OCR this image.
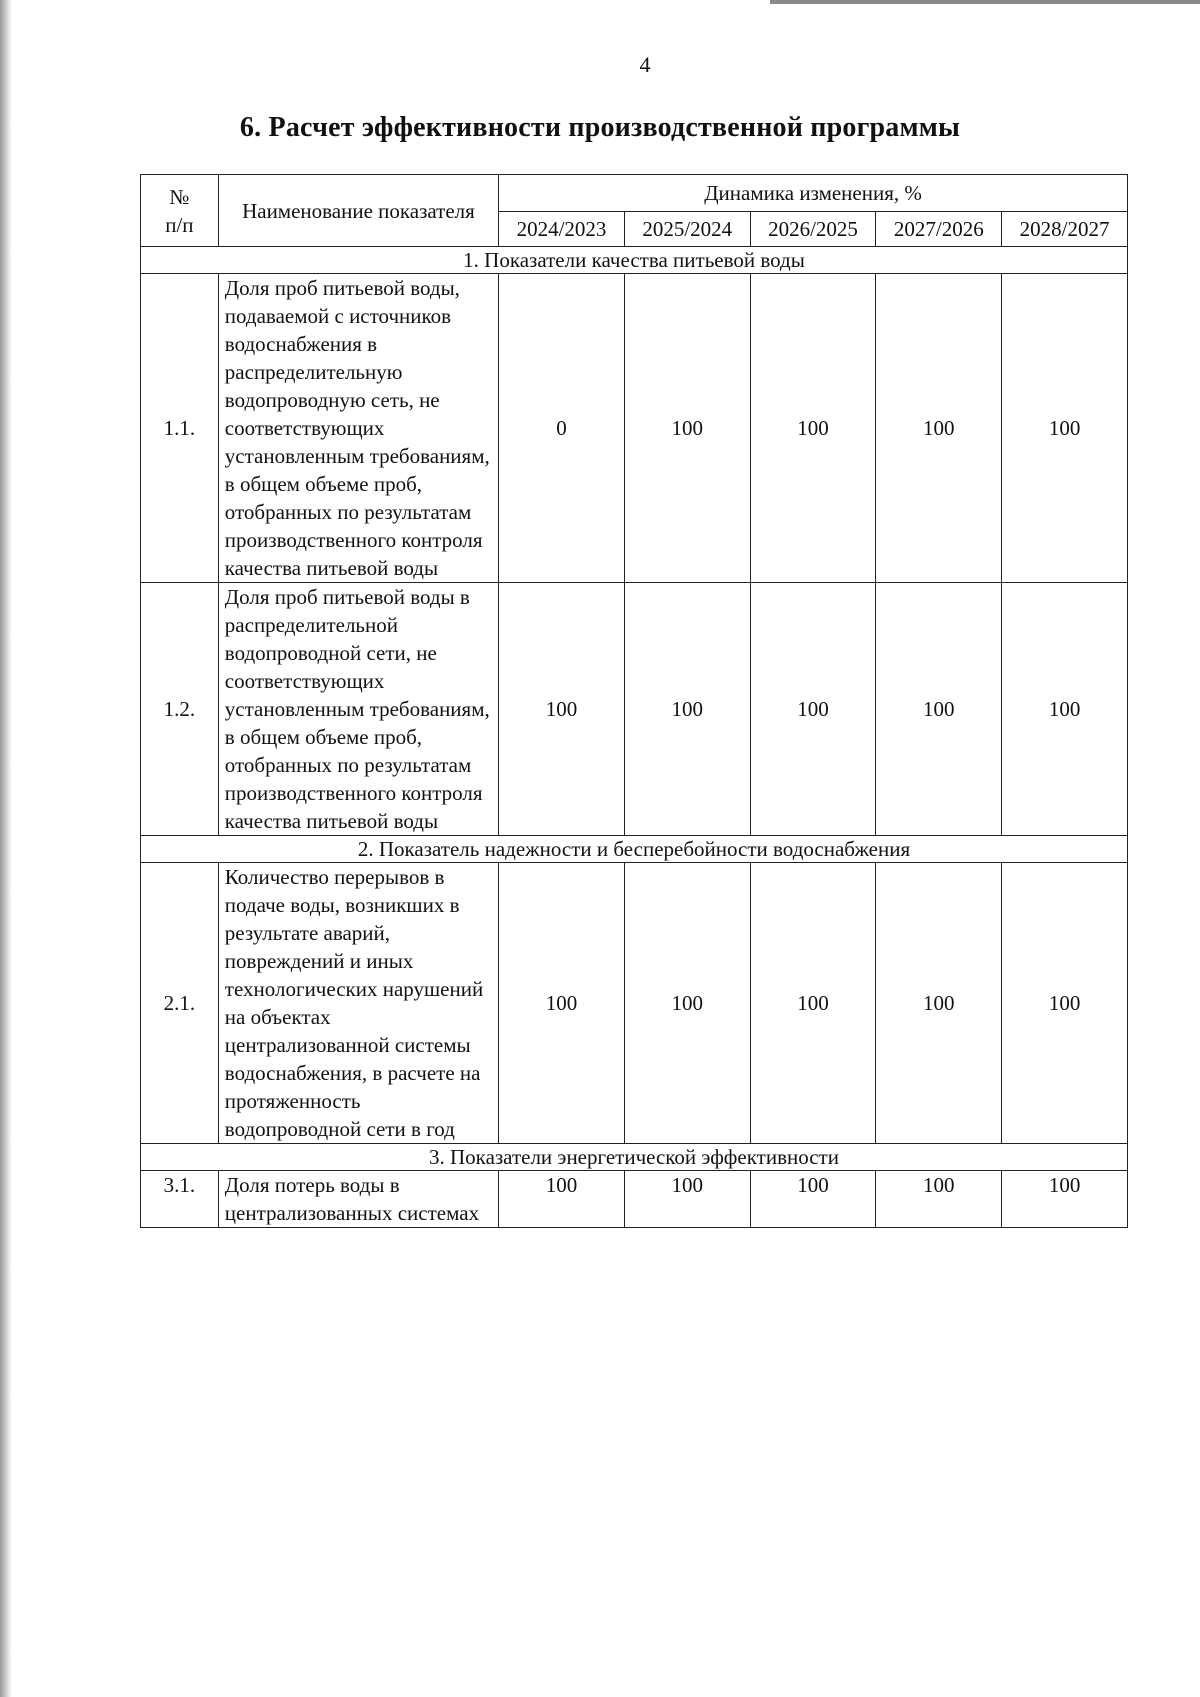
4
6. Расчет эффективности производственной программы
№
п/п	Наименование показателя	Динамика изменения, %				
		2024/2023	2025/2024	2026/2025	2027/2026	2028/2027
1. Показатели качества питьевой воды						
1.1.	Доля проб питьевой воды, подаваемой с источников водоснабжения в распределительную водопроводную сеть, не соответствующих установленным требованиям, в общем объеме проб, отобранных по результатам производственного контроля качества питьевой воды	0	100	100	100	100
1.2.	Доля проб питьевой воды в распределительной водопроводной сети, не соответствующих установленным требованиям, в общем объеме проб, отобранных по результатам производственного контроля качества питьевой воды	100	100	100	100	100
2. Показатель надежности и бесперебойности водоснабжения						
2.1.	Количество перерывов в подаче воды, возникших в результате аварий, повреждений и иных технологических нарушений на объектах централизованной системы водоснабжения, в расчете на протяженность водопроводной сети в год	100	100	100	100	100
3. Показатели энергетической эффективности						
3.1.	Доля потерь воды в централизованных системах	100	100	100	100	100
